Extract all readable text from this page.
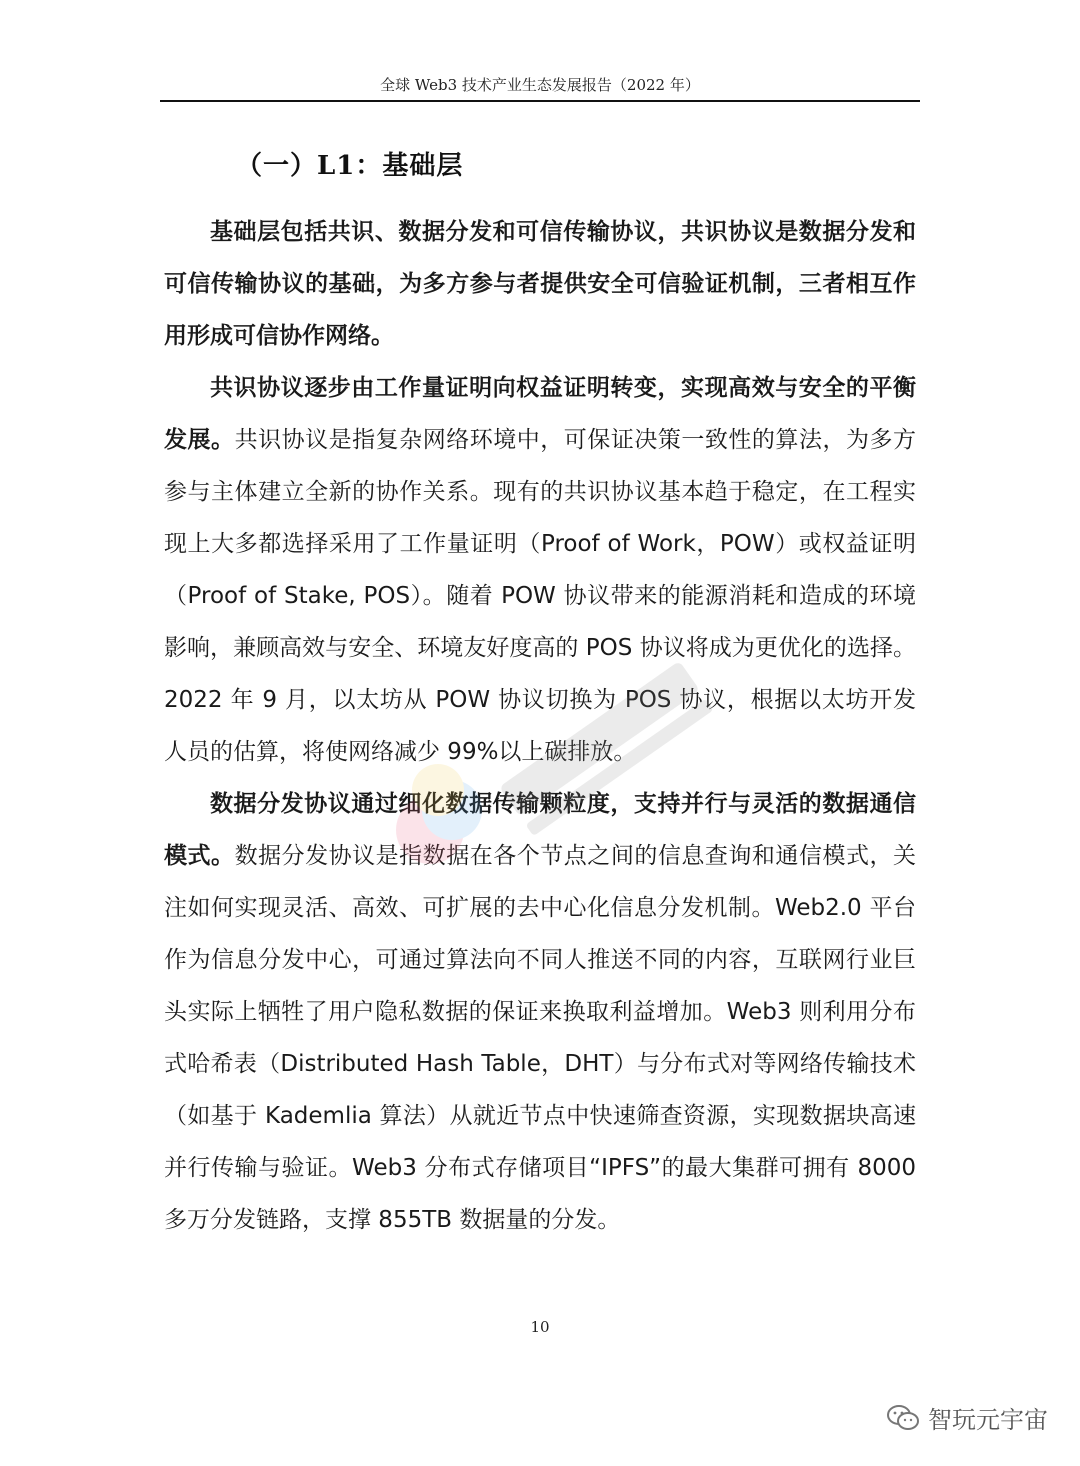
全球 Web3 技术产业生态发展报告（2022 年）
（一）L1：基础层

基础层包括共识、数据分发和可信传输协议，共识协议是数据分发和可信传输协议的基础，为多方参与者提供安全可信验证机制，三者相互作用形成可信协作网络。

共识协议逐步由工作量证明向权益证明转变，实现高效与安全的平衡发展。共识协议是指复杂网络环境中，可保证决策一致性的算法，为多方参与主体建立全新的协作关系。现有的共识协议基本趋于稳定，在工程实现上大多都选择采用了工作量证明（Proof of Work，POW）或权益证明（Proof of Stake, POS）。随着 POW 协议带来的能源消耗和造成的环境影响，兼顾高效与安全、环境友好度高的 POS 协议将成为更优化的选择。2022 年 9 月，以太坊从 POW 协议切换为 POS 协议，根据以太坊开发人员的估算，将使网络减少 99%以上碳排放。

数据分发协议通过细化数据传输颗粒度，支持并行与灵活的数据通信模式。数据分发协议是指数据在各个节点之间的信息查询和通信模式，关注如何实现灵活、高效、可扩展的去中心化信息分发机制。Web2.0 平台作为信息分发中心，可通过算法向不同人推送不同的内容，互联网行业巨头实际上牺牲了用户隐私数据的保证来换取利益增加。Web3 则利用分布式哈希表（Distributed Hash Table，DHT）与分布式对等网络传输技术（如基于 Kademlia 算法）从就近节点中快速筛查资源，实现数据块高速并行传输与验证。Web3 分布式存储项目“IPFS”的最大集群可拥有 8000 多万分发链路，支撑 855TB 数据量的分发。

10
智玩元宇宙
